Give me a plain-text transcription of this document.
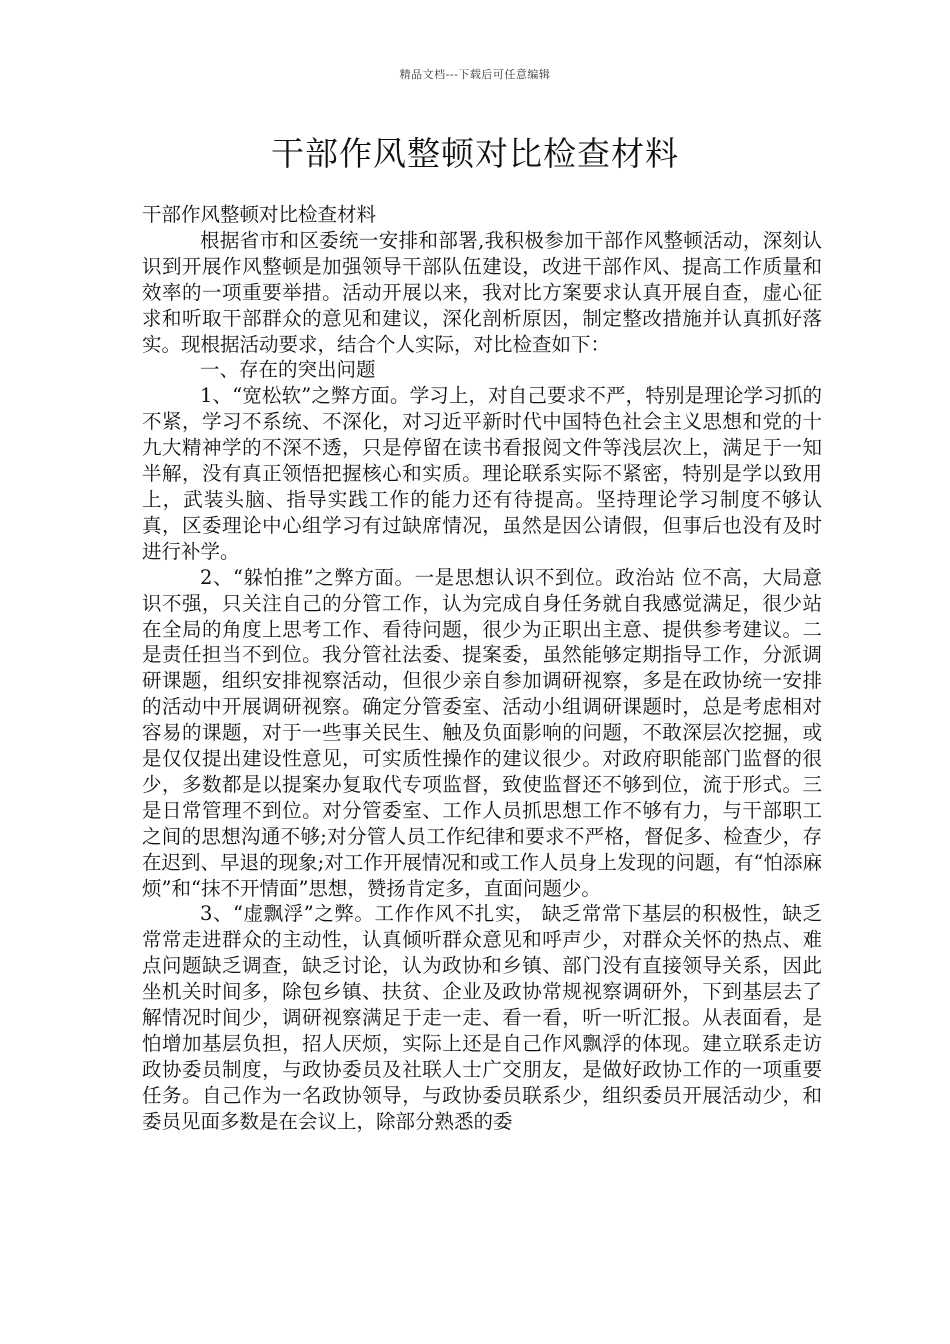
精品文档---下载后可任意编辑
干部作风整顿对比检查材料

干部作风整顿对比检查材料

根据省市和区委统一安排和部署,我积极参加干部作风整顿活动，深刻认识到开展作风整顿是加强领导干部队伍建设，改进干部作风、提高工作质量和效率的一项重要举措。活动开展以来，我对比方案要求认真开展自查，虚心征求和听取干部群众的意见和建议，深化剖析原因，制定整改措施并认真抓好落实。现根据活动要求，结合个人实际，对比检查如下：

一、存在的突出问题

1、“宽松软”之弊方面。学习上，对自己要求不严，特别是理论学习抓的不紧，学习不系统、不深化，对习近平新时代中国特色社会主义思想和党的十九大精神学的不深不透，只是停留在读书看报阅文件等浅层次上，满足于一知半解，没有真正领悟把握核心和实质。理论联系实际不紧密，特别是学以致用上，武装头脑、指导实践工作的能力还有待提高。坚持理论学习制度不够认真，区委理论中心组学习有过缺席情况，虽然是因公请假，但事后也没有及时进行补学。

2、“躲怕推”之弊方面。一是思想认识不到位。政治站 位不高，大局意识不强，只关注自己的分管工作，认为完成自身任务就自我感觉满足，很少站在全局的角度上思考工作、看待问题，很少为正职出主意、提供参考建议。二是责任担当不到位。我分管社法委、提案委，虽然能够定期指导工作，分派调研课题，组织安排视察活动，但很少亲自参加调研视察，多是在政协统一安排的活动中开展调研视察。确定分管委室、活动小组调研课题时，总是考虑相对容易的课题，对于一些事关民生、触及负面影响的问题，不敢深层次挖掘，或是仅仅提出建设性意见，可实质性操作的建议很少。对政府职能部门监督的很少，多数都是以提案办复取代专项监督，致使监督还不够到位，流于形式。三是日常管理不到位。对分管委室、工作人员抓思想工作不够有力，与干部职工之间的思想沟通不够;对分管人员工作纪律和要求不严格，督促多、检查少，存在迟到、早退的现象;对工作开展情况和或工作人员身上发现的问题，有“怕添麻烦”和“抹不开情面”思想，赞扬肯定多，直面问题少。

3、“虚飘浮”之弊。工作作风不扎实， 缺乏常常下基层的积极性，缺乏常常走进群众的主动性，认真倾听群众意见和呼声少，对群众关怀的热点、难点问题缺乏调查，缺乏讨论，认为政协和乡镇、部门没有直接领导关系，因此坐机关时间多，除包乡镇、扶贫、企业及政协常规视察调研外，下到基层去了解情况时间少，调研视察满足于走一走、看一看，听一听汇报。从表面看，是怕增加基层负担，招人厌烦，实际上还是自己作风飘浮的体现。建立联系走访政协委员制度，与政协委员及社联人士广交朋友，是做好政协工作的一项重要任务。自己作为一名政协领导，与政协委员联系少，组织委员开展活动少，和委员见面多数是在会议上，除部分熟悉的委
